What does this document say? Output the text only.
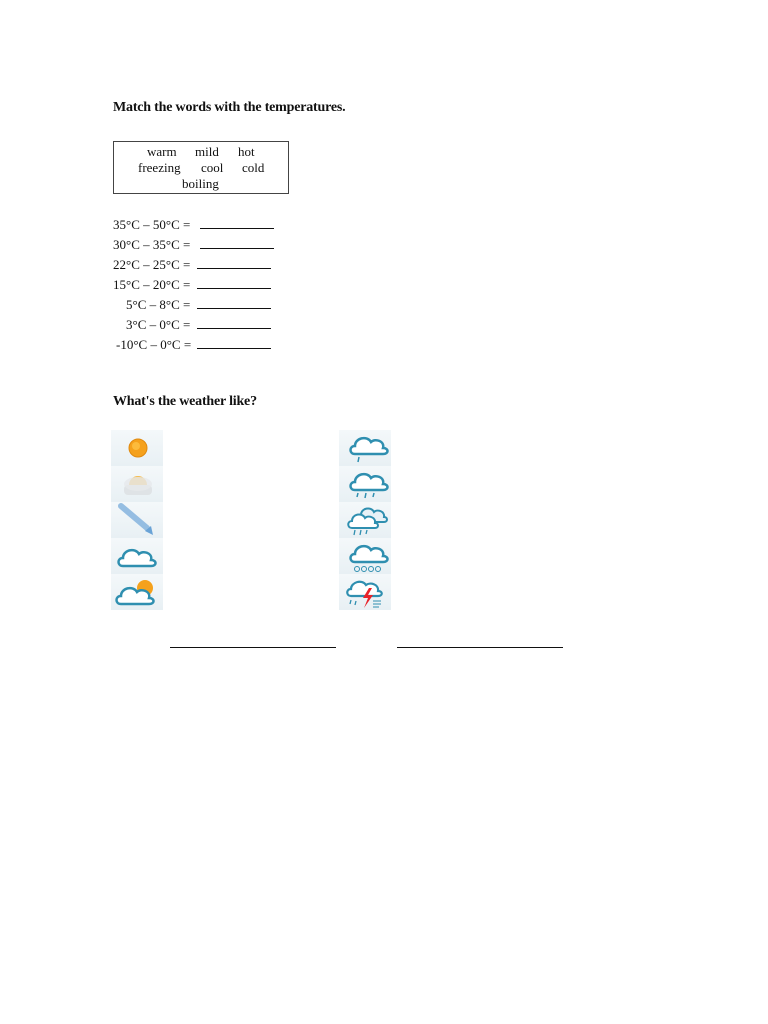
Match the words with the temperatures.
warm mild hot
freezing cool cold
boiling
35°C – 50°C =
30°C – 35°C =
22°C – 25°C =
15°C – 20°C =
5°C – 8°C =
3°C – 0°C =
-10°C – 0°C =
What's the weather like?
